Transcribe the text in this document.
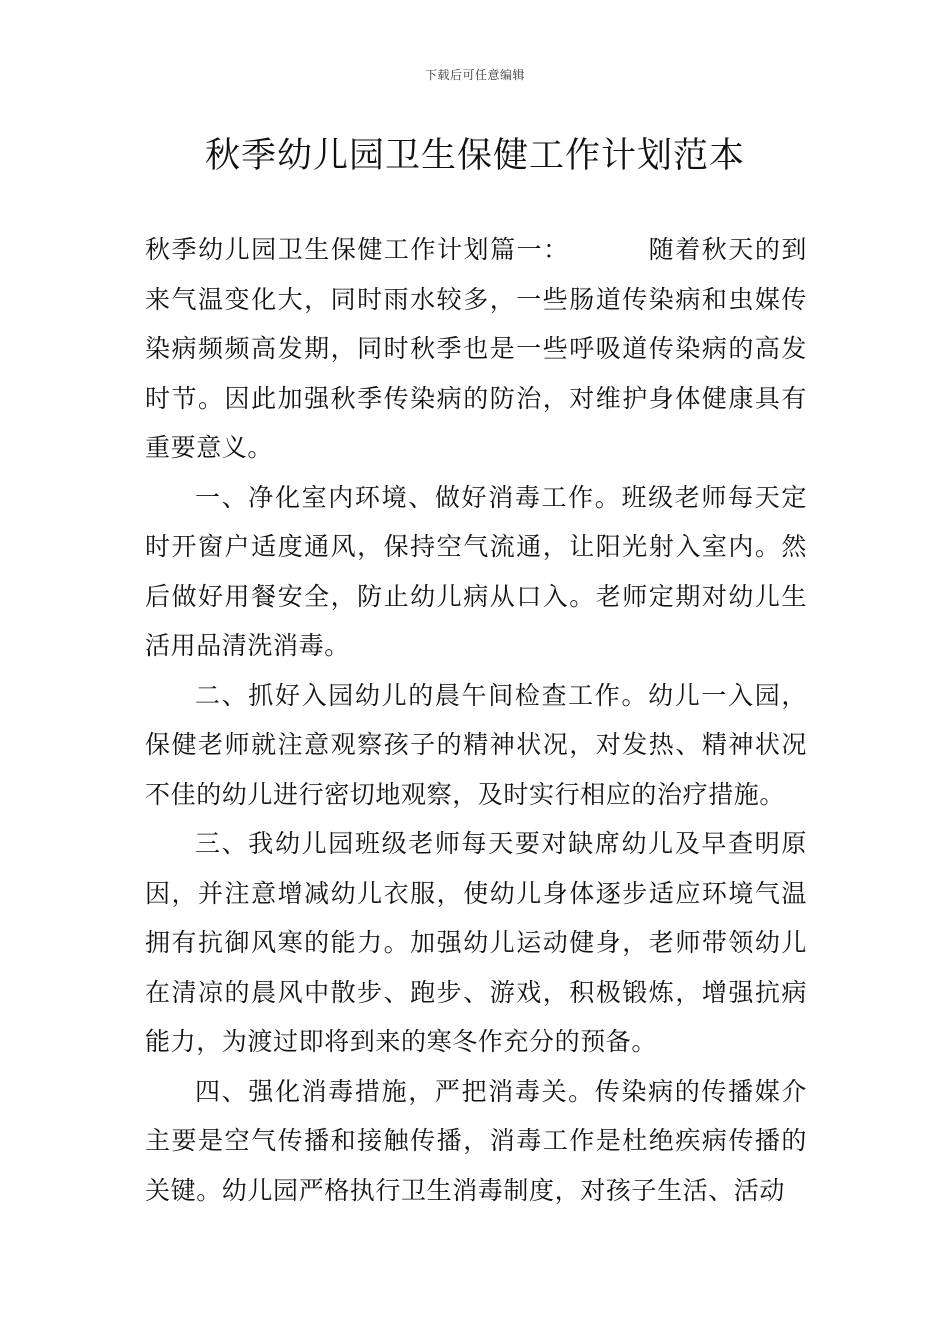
下载后可任意编辑
秋季幼儿园卫生保健工作计划范本

秋季幼儿园卫生保健工作计划篇一：	随着秋天的到来气温变化大，同时雨水较多，一些肠道传染病和虫媒传染病频频高发期，同时秋季也是一些呼吸道传染病的高发时节。因此加强秋季传染病的防治，对维护身体健康具有重要意义。

一、净化室内环境、做好消毒工作。班级老师每天定时开窗户适度通风，保持空气流通，让阳光射入室内。然后做好用餐安全，防止幼儿病从口入。老师定期对幼儿生活用品清洗消毒。

二、抓好入园幼儿的晨午间检查工作。幼儿一入园，保健老师就注意观察孩子的精神状况，对发热、精神状况不佳的幼儿进行密切地观察，及时实行相应的治疗措施。

三、我幼儿园班级老师每天要对缺席幼儿及早查明原因，并注意增减幼儿衣服，使幼儿身体逐步适应环境气温拥有抗御风寒的能力。加强幼儿运动健身，老师带领幼儿在清凉的晨风中散步、跑步、游戏，积极锻炼，增强抗病能力，为渡过即将到来的寒冬作充分的预备。

四、强化消毒措施，严把消毒关。传染病的传播媒介主要是空气传播和接触传播，消毒工作是杜绝疾病传播的关键。幼儿园严格执行卫生消毒制度，对孩子生活、活动
